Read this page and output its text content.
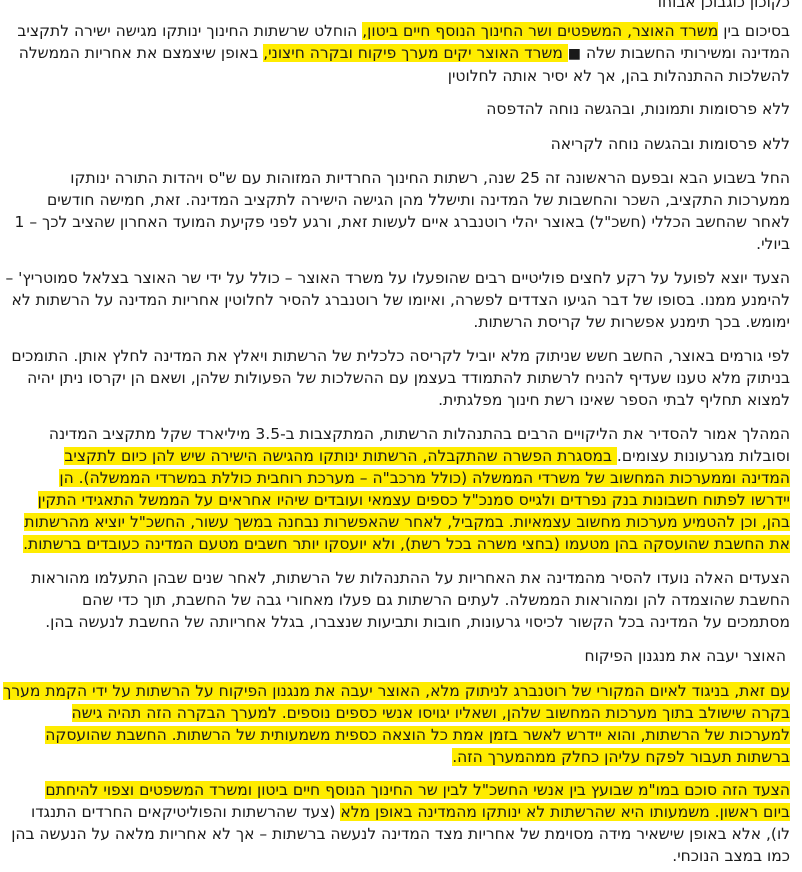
כקוכון כוגבוכן אבוחו
בסיכום בין משרד האוצר, המשפטים ושר החינוך הנוסף חיים ביטון, הוחלט שרשתות החינוך ינותקו מגישה ישירה לתקציב
המדינה ומשירותי החשבות שלה ■ משרד האוצר יקים מערך פיקוח ובקרה חיצוני, באופן שיצמצם את אחריות הממשלה
להשלכות ההתנהלות בהן, אך לא יסיר אותה לחלוטין
ללא פרסומות ותמונות, ובהגשה נוחה להדפסה
ללא פרסומות ובהגשה נוחה לקריאה
החל בשבוע הבא ובפעם הראשונה זה 25 שנה, רשתות החינוך החרדיות המזוהות עם ש"ס ויהדות התורה ינותקו
ממערכות התקציב, השכר והחשבות של המדינה ותישלל מהן הגישה הישירה לתקציב המדינה. זאת, חמישה חודשים
לאחר שהחשב הכללי (חשכ"ל) באוצר יהלי רוטנברג איים לעשות זאת, ורגע לפני פקיעת המועד האחרון שהציב לכך – 1
ביולי.
הצעד יוצא לפועל על רקע לחצים פוליטיים רבים שהופעלו על משרד האוצר – כולל על ידי שר האוצר בצלאל סמוטריץ' –
להימנע ממנו. בסופו של דבר הגיעו הצדדים לפשרה, ואיומו של רוטנברג להסיר לחלוטין אחריות המדינה על הרשתות לא
ימומש. בכך תימנע אפשרות של קריסת הרשתות.
לפי גורמים באוצר, החשב חשש שניתוק מלא יוביל לקריסה כלכלית של הרשתות ויאלץ את המדינה לחלץ אותן. התומכים
בניתוק מלא טענו שעדיף להניח לרשתות להתמודד בעצמן עם ההשלכות של הפעולות שלהן, ושאם הן יקרסו ניתן יהיה
למצוא תחליף לבתי הספר שאינו רשת חינוך מפלגתית.
המהלך אמור להסדיר את הליקויים הרבים בהתנהלות הרשתות, המתקצבות ב-3.5 מיליארד שקל מתקציב המדינה
וסובלות מגרעונות עצומים. במסגרת הפשרה שהתקבלה, הרשתות ינותקו מהגישה הישירה שיש להן כיום לתקציב
המדינה וממערכות המחשוב של משרדי הממשלה (כולל מרכב"ה – מערכת רוחבית כוללת במשרדי הממשלה). הן
יידרשו לפתוח חשבונות בנק נפרדים ולגייס סמנכ"ל כספים עצמאי ועובדים שיהיו אחראים על הממשל התאגידי התקין
בהן, וכן להטמיע מערכות מחשוב עצמאיות. במקביל, לאחר שהאפשרות נבחנה במשך עשור, החשכ"ל יוציא מהרשתות
את החשבת שהועסקה בהן מטעמו (בחצי משרה בכל רשת), ולא יועסקו יותר חשבים מטעם המדינה כעובדים ברשתות.
הצעדים האלה נועדו להסיר מהמדינה את האחריות על ההתנהלות של הרשתות, לאחר שנים שבהן התעלמו מהוראות
החשבת שהוצמדה להן ומהוראות הממשלה. לעתים הרשתות גם פעלו מאחורי גבה של החשבת, תוך כדי שהם
מסתמכים על המדינה בכל הקשור לכיסוי גרעונות, חובות ותביעות שנצברו, בגלל אחריותה של החשבת לנעשה בהן.
האוצר יעבה את מנגנון הפיקוח
עם זאת, בניגוד לאיום המקורי של רוטנברג לניתוק מלא, האוצר יעבה את מנגנון הפיקוח על הרשתות על ידי הקמת מערך
בקרה שישולב בתוך מערכות המחשוב שלהן, ושאליו יגויסו אנשי כספים נוספים. למערך הבקרה הזה תהיה גישה
למערכות של הרשתות, והוא יידרש לאשר בזמן אמת כל הוצאה כספית משמעותית של הרשתות. החשבת שהועסקה
ברשתות תעבור לפקח עליהן כחלק ממהמערך הזה.
הצעד הזה סוכם במו"מ שבועץ בין אנשי החשכ"ל לבין שר החינוך הנוסף חיים ביטון ומשרד המשפטים וצפוי להיחתם
ביום ראשון. משמעותו היא שהרשתות לא ינותקו מהמדינה באופן מלא (צעד שהרשתות והפוליטיקאים החרדים התנגדו
לו), אלא באופן שישאיר מידה מסוימת של אחריות מצד המדינה לנעשה ברשתות – אך לא אחריות מלאה על הנעשה בהן
כמו במצב הנוכחי.
